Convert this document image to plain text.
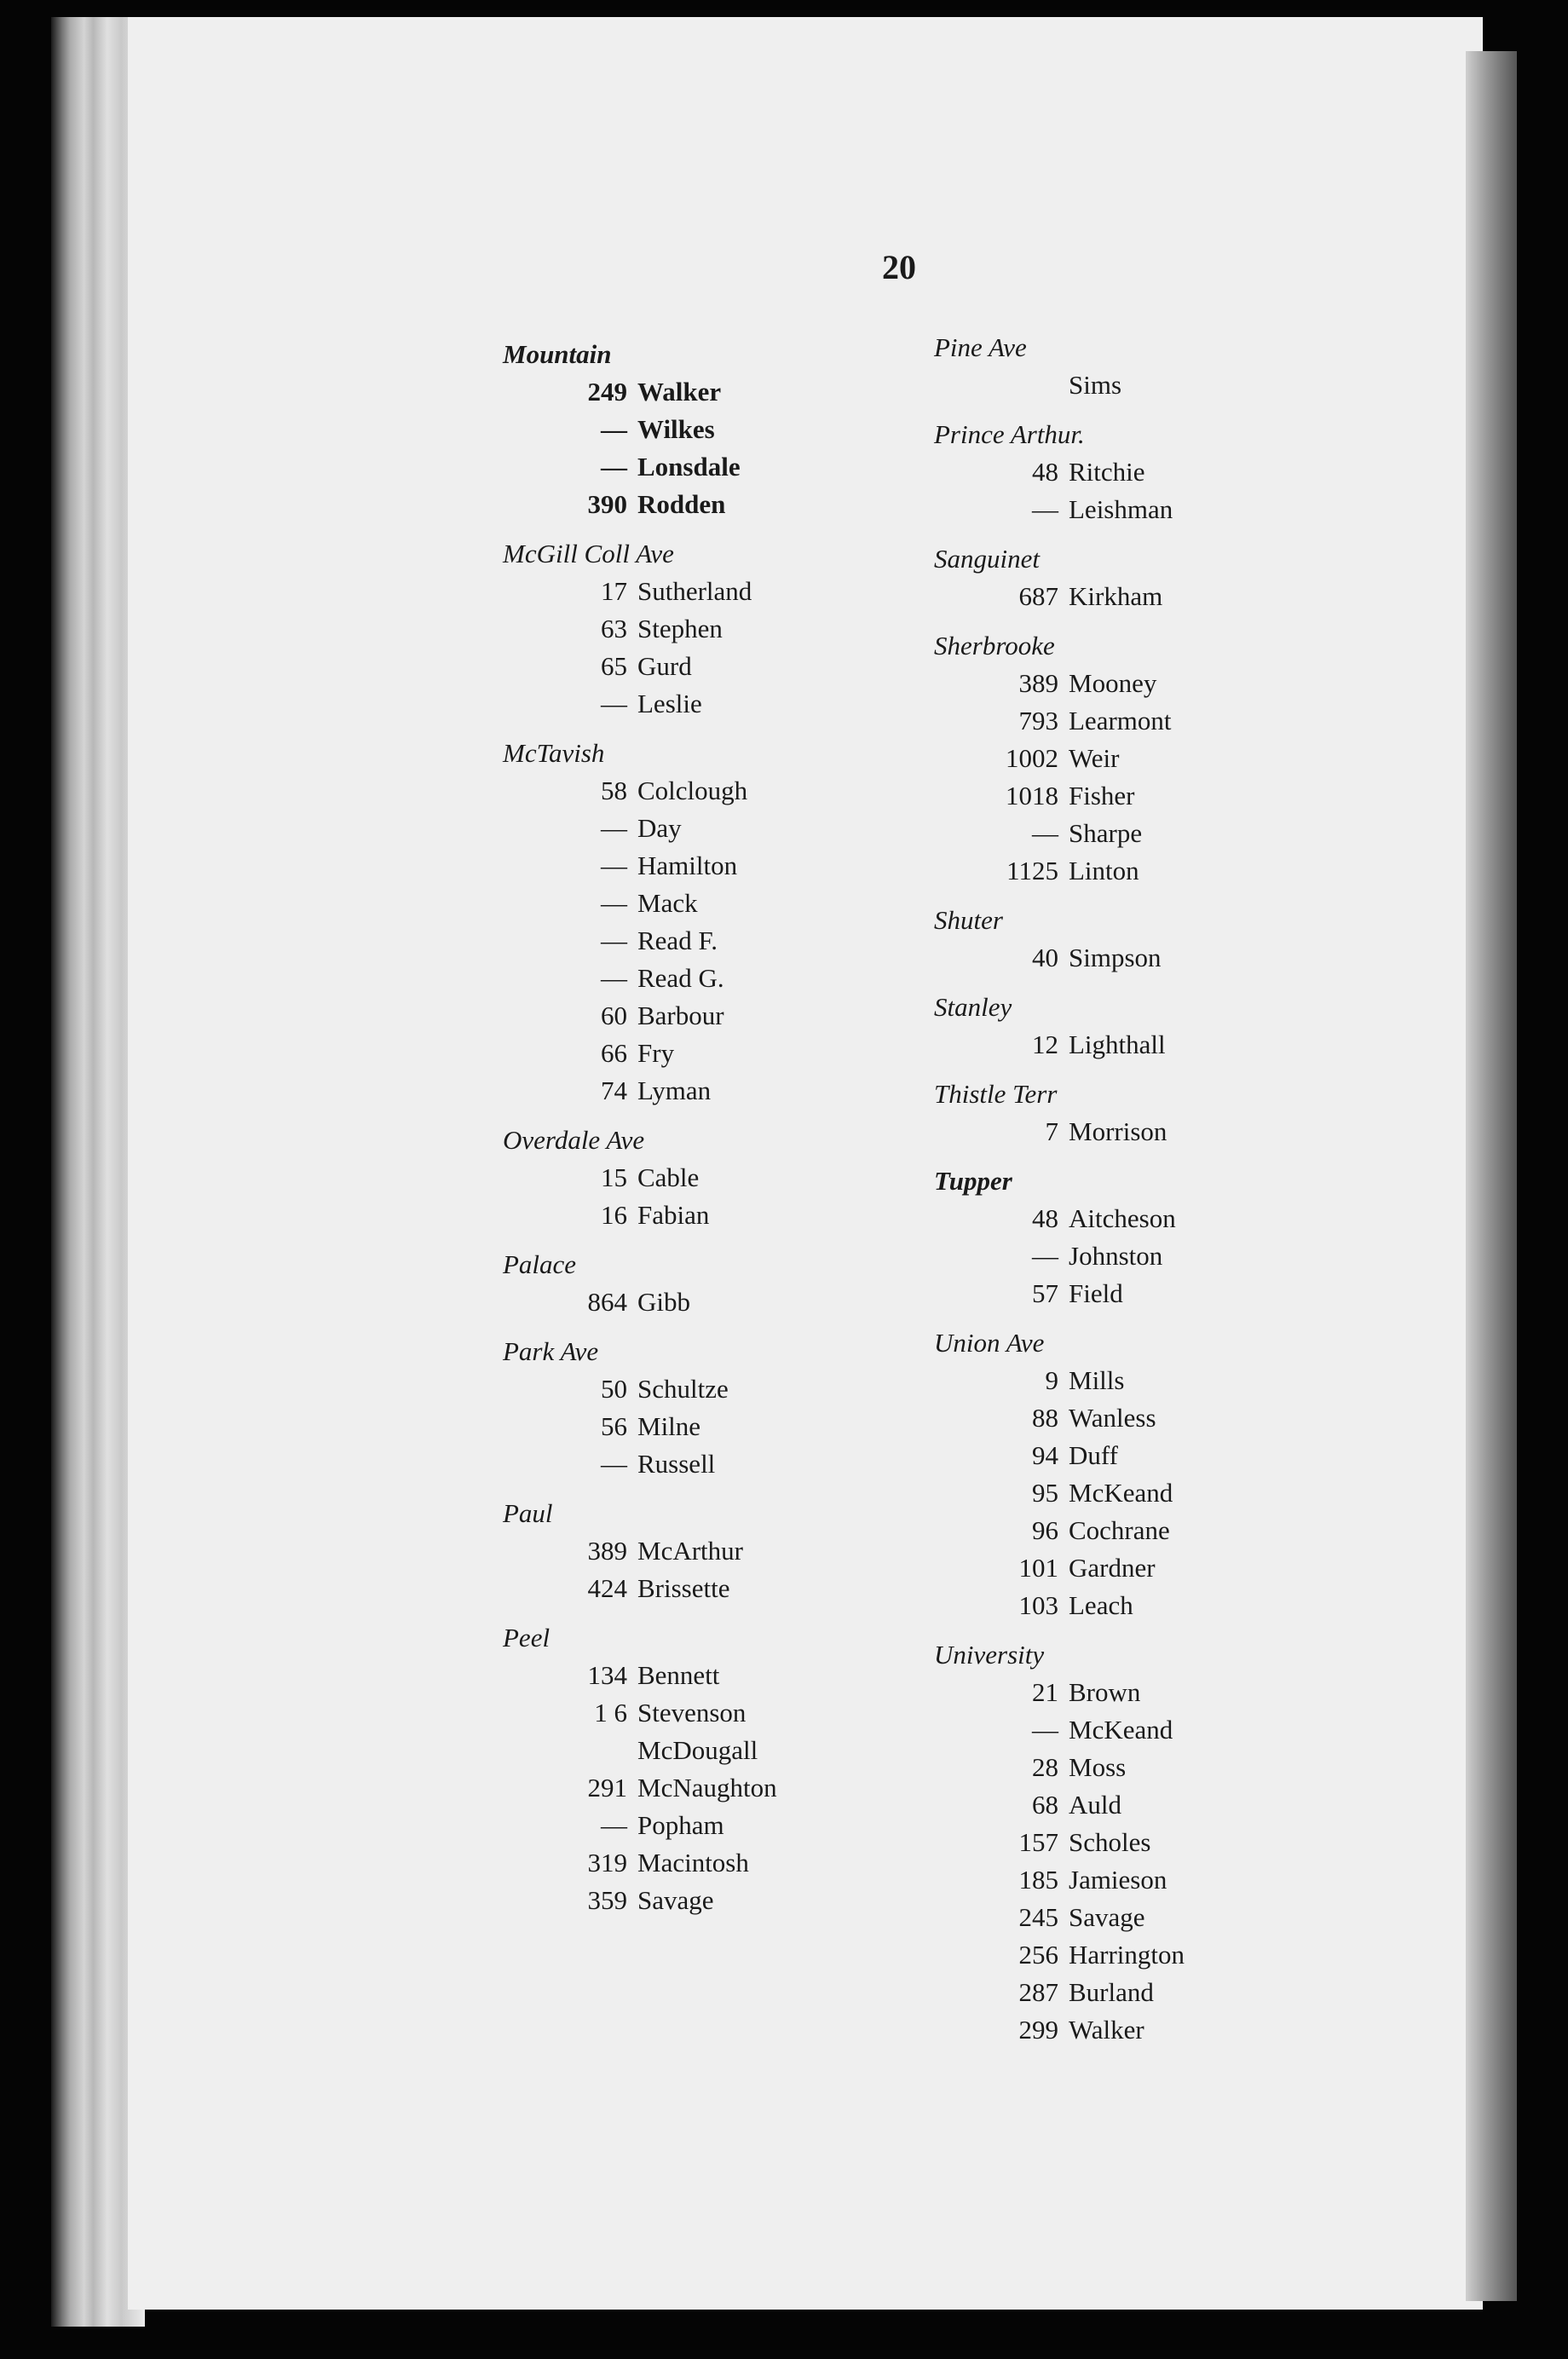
20
Mountain
249 Walker
— Wilkes
— Lonsdale
390 Rodden
McGill Coll Ave
17 Sutherland
63 Stephen
65 Gurd
— Leslie
McTavish
58 Colclough
— Day
— Hamilton
— Mack
— Read F.
— Read G.
60 Barbour
66 Fry
74 Lyman
Overdale Ave
15 Cable
16 Fabian
Palace
864 Gibb
Park Ave
50 Schultze
56 Milne
— Russell
Paul
389 McArthur
424 Brissette
Peel
134 Bennett
1 6 Stevenson
McDougall
291 McNaughton
— Popham
319 Macintosh
359 Savage
Pine Ave
Sims
Prince Arthur.
48 Ritchie
— Leishman
Sanguinet
687 Kirkham
Sherbrooke
389 Mooney
793 Learmont
1002 Weir
1018 Fisher
— Sharpe
1125 Linton
Shuter
40 Simpson
Stanley
12 Lighthall
Thistle Terr
7 Morrison
Tupper
48 Aitcheson
— Johnston
57 Field
Union Ave
9 Mills
88 Wanless
94 Duff
95 McKeand
96 Cochrane
101 Gardner
103 Leach
University
21 Brown
— McKeand
28 Moss
68 Auld
157 Scholes
185 Jamieson
245 Savage
256 Harrington
287 Burland
299 Walker
